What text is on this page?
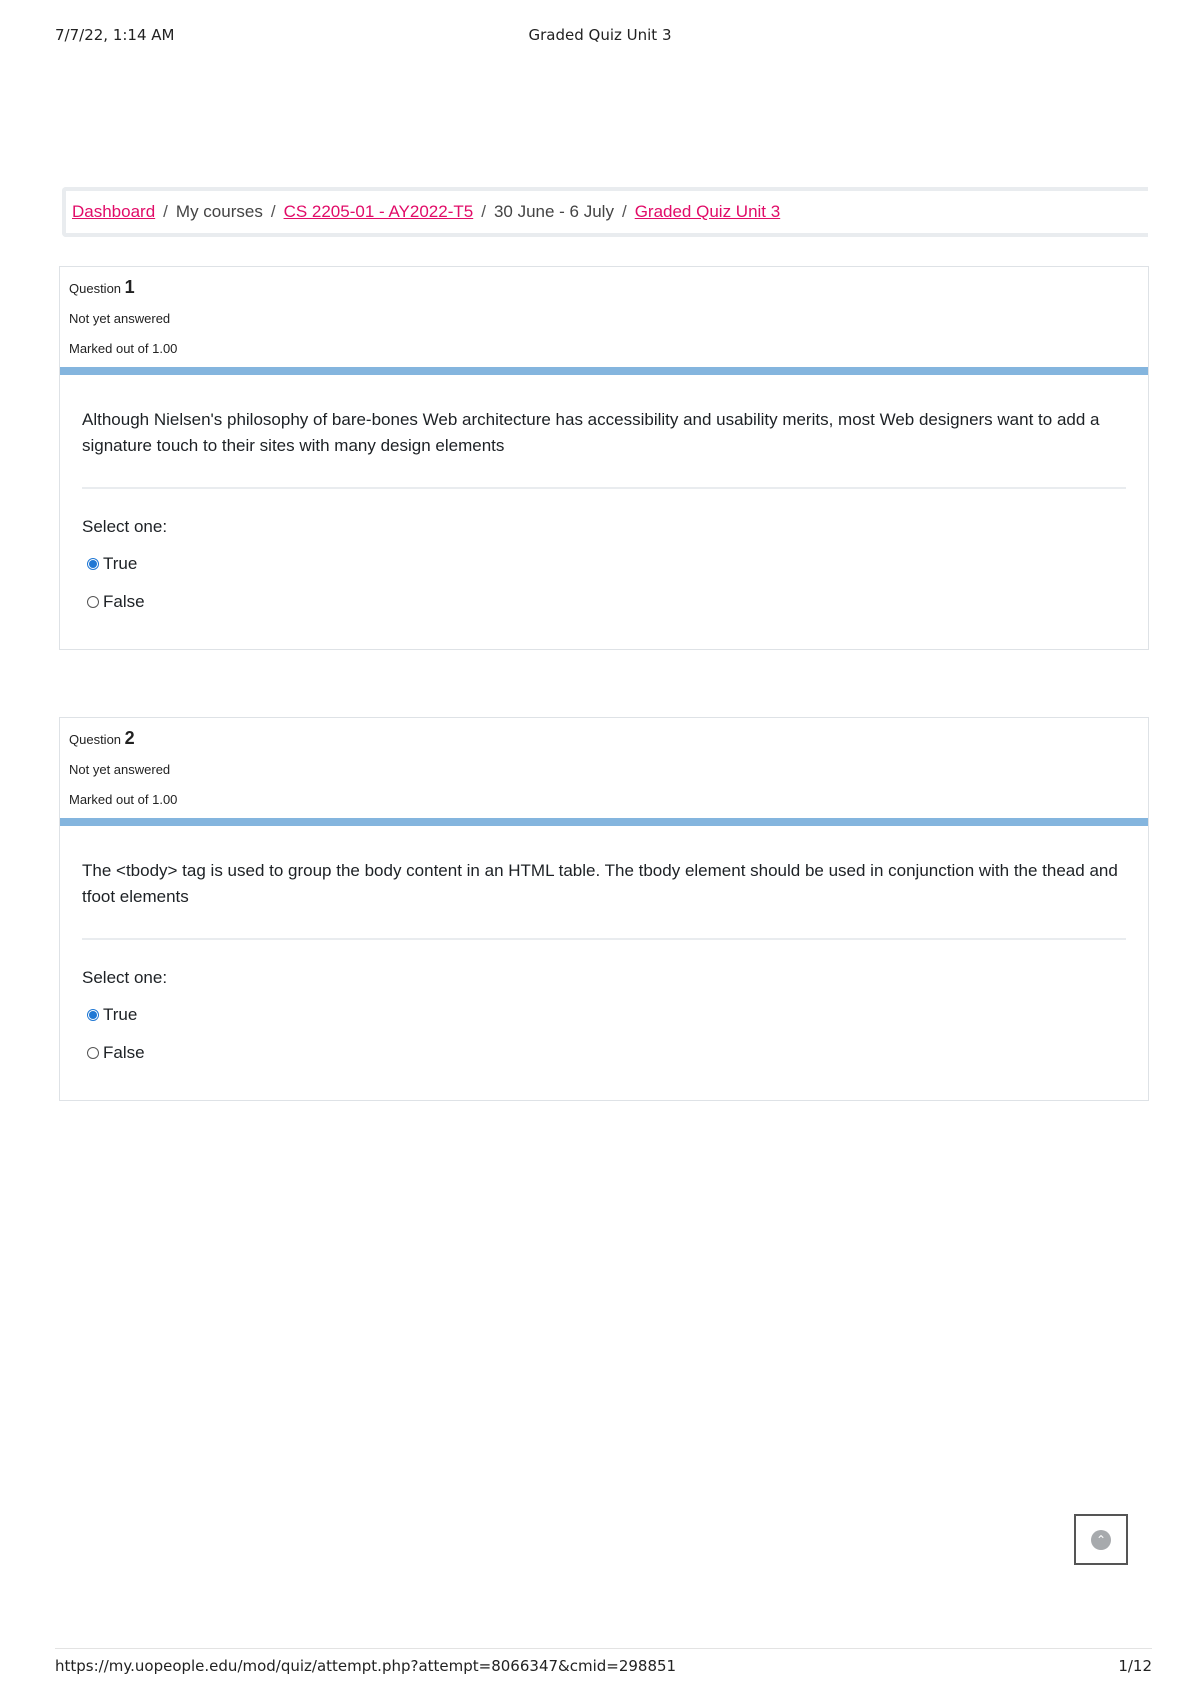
7/7/22, 1:14 AM	Graded Quiz Unit 3
Dashboard / My courses / CS 2205-01 - AY2022-T5 / 30 June - 6 July / Graded Quiz Unit 3
Question 1
Not yet answered
Marked out of 1.00
Although Nielsen's philosophy of bare-bones Web architecture has accessibility and usability merits, most Web designers want to add a signature touch to their sites with many design elements
Select one:
True
False
Question 2
Not yet answered
Marked out of 1.00
The <tbody> tag is used to group the body content in an HTML table. The tbody element should be used in conjunction with the thead and tfoot elements
Select one:
True
False
⌃
https://my.uopeople.edu/mod/quiz/attempt.php?attempt=8066347&cmid=298851	1/12
